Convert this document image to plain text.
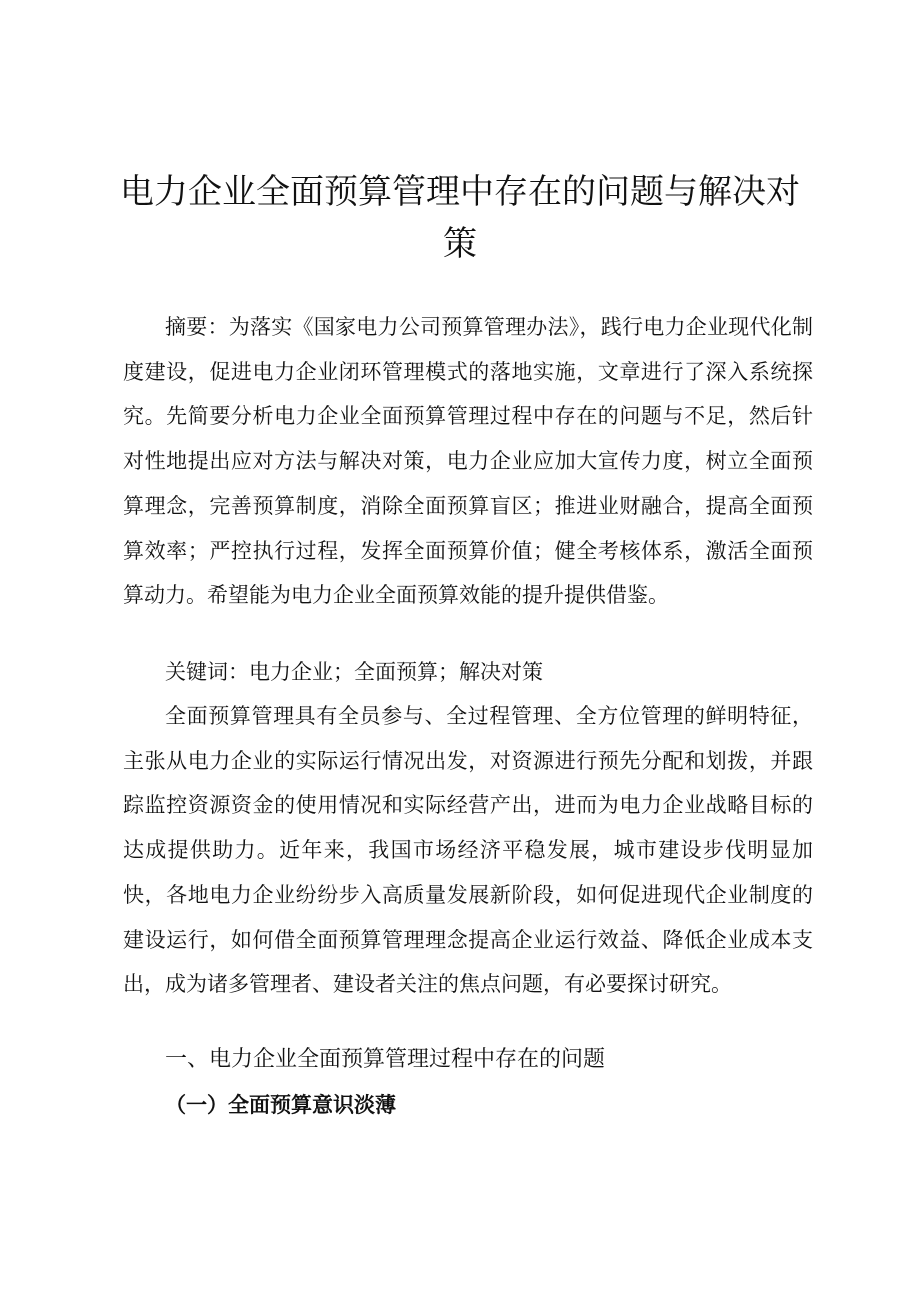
电力企业全面预算管理中存在的问题与解决对策

摘要：为落实《国家电力公司预算管理办法》，践行电力企业现代化制度建设，促进电力企业闭环管理模式的落地实施，文章进行了深入系统探究。先简要分析电力企业全面预算管理过程中存在的问题与不足，然后针对性地提出应对方法与解决对策，电力企业应加大宣传力度，树立全面预算理念，完善预算制度，消除全面预算盲区；推进业财融合，提高全面预算效率；严控执行过程，发挥全面预算价值；健全考核体系，激活全面预算动力。希望能为电力企业全面预算效能的提升提供借鉴。

关键词：电力企业；全面预算；解决对策

全面预算管理具有全员参与、全过程管理、全方位管理的鲜明特征，主张从电力企业的实际运行情况出发，对资源进行预先分配和划拨，并跟踪监控资源资金的使用情况和实际经营产出，进而为电力企业战略目标的达成提供助力。近年来，我国市场经济平稳发展，城市建设步伐明显加快，各地电力企业纷纷步入高质量发展新阶段，如何促进现代企业制度的建设运行，如何借全面预算管理理念提高企业运行效益、降低企业成本支出，成为诸多管理者、建设者关注的焦点问题，有必要探讨研究。

一、电力企业全面预算管理过程中存在的问题
（一）全面预算意识淡薄
